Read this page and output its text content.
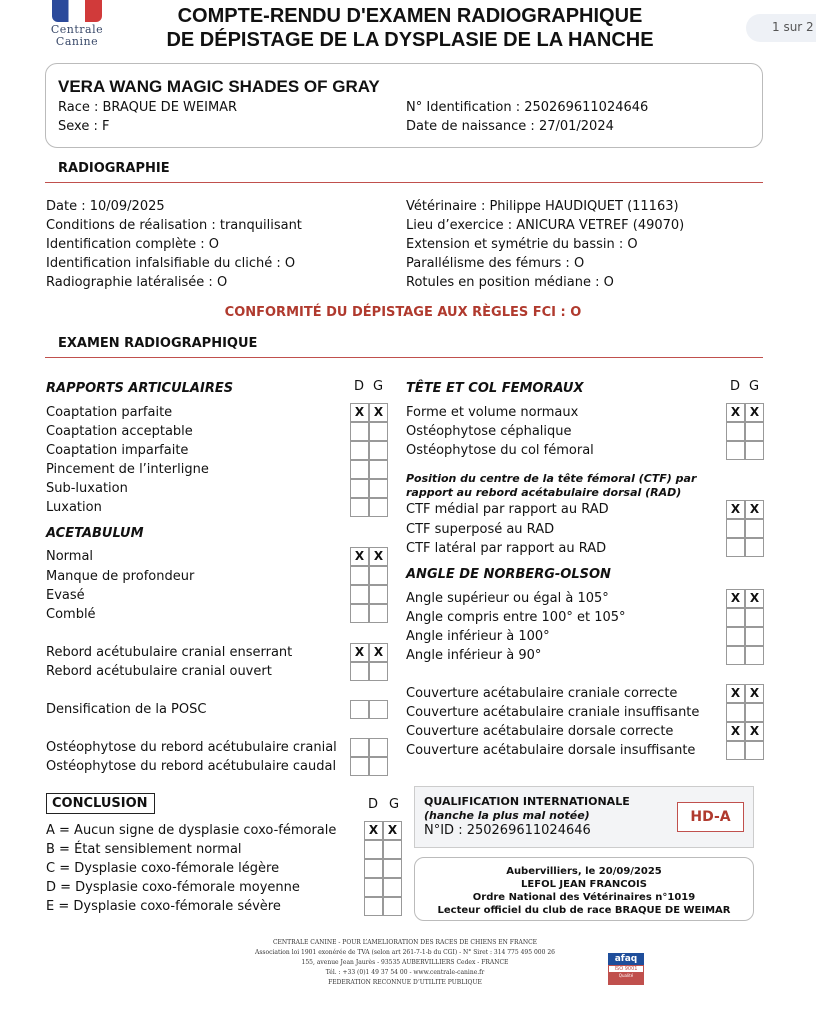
1 sur 2
Centrale
Canine
COMPTE-RENDU D'EXAMEN RADIOGRAPHIQUE
DE DÉPISTAGE DE LA DYSPLASIE DE LA HANCHE
VERA WANG MAGIC SHADES OF GRAY
Race : BRAQUE DE WEIMAR
Sexe : F
N° Identification : 250269611024646
Date de naissance : 27/01/2024
RADIOGRAPHIE
Date : 10/09/2025
Conditions de réalisation : tranquilisant
Identification complète : O
Identification infalsifiable du cliché : O
Radiographie latéralisée : O
Vétérinaire : Philippe HAUDIQUET (11163)
Lieu d’exercice : ANICURA VETREF (49070)
Extension et symétrie du bassin : O
Parallélisme des fémurs : O
Rotules en position médiane : O
CONFORMITÉ DU DÉPISTAGE AUX RÈGLES FCI : O
EXAMEN RADIOGRAPHIQUE
RAPPORTS ARTICULAIRES	D G
Coaptation parfaite	X X
Coaptation acceptable
Coaptation imparfaite
Pincement de l’interligne
Sub-luxation
Luxation
ACETABULUM
Normal	X X
Manque de profondeur
Evasé
Comblé
Rebord acétubulaire cranial enserrant	X X
Rebord acétubulaire cranial ouvert
Densification de la POSC
Ostéophytose du rebord acétubulaire cranial
Ostéophytose du rebord acétubulaire caudal
TÊTE ET COL FEMORAUX	D G
Forme et volume normaux	X X
Ostéophytose céphalique
Ostéophytose du col fémoral
Position du centre de la tête fémoral (CTF) par rapport au rebord acétabulaire dorsal (RAD)
CTF médial par rapport au RAD	X X
CTF superposé au RAD
CTF latéral par rapport au RAD
ANGLE DE NORBERG-OLSON
Angle supérieur ou égal à 105°	X X
Angle compris entre 100° et 105°
Angle inférieur à 100°
Angle inférieur à 90°
Couverture acétabulaire craniale correcte	X X
Couverture acétabulaire craniale insuffisante
Couverture acétabulaire dorsale correcte	X X
Couverture acétabulaire dorsale insuffisante
CONCLUSION	D G
A = Aucun signe de dysplasie coxo-fémorale	X X
B = État sensiblement normal
C = Dysplasie coxo-fémorale légère
D = Dysplasie coxo-fémorale moyenne
E = Dysplasie coxo-fémorale sévère
QUALIFICATION INTERNATIONALE
(hanche la plus mal notée)
N°ID : 250269611024646
HD-A
Aubervilliers, le 20/09/2025
LEFOL JEAN FRANCOIS
Ordre National des Vétérinaires n°1019
Lecteur officiel du club de race BRAQUE DE WEIMAR
CENTRALE CANINE - POUR L’AMELIORATION DES RACES DE CHIENS EN FRANCE
Association loi 1901 exonérée de TVA (selon art 261-7-1-b du CGI) - N° Siret : 314 775 495 000 26
155, avenue Jean Jaurès - 93535 AUBERVILLIERS Cedex - FRANCE
Tél. : +33 (0)1 49 37 54 00 - www.centrale-canine.fr
FEDERATION RECONNUE D’UTILITE PUBLIQUE
afaq
ISO 9001
Qualité
